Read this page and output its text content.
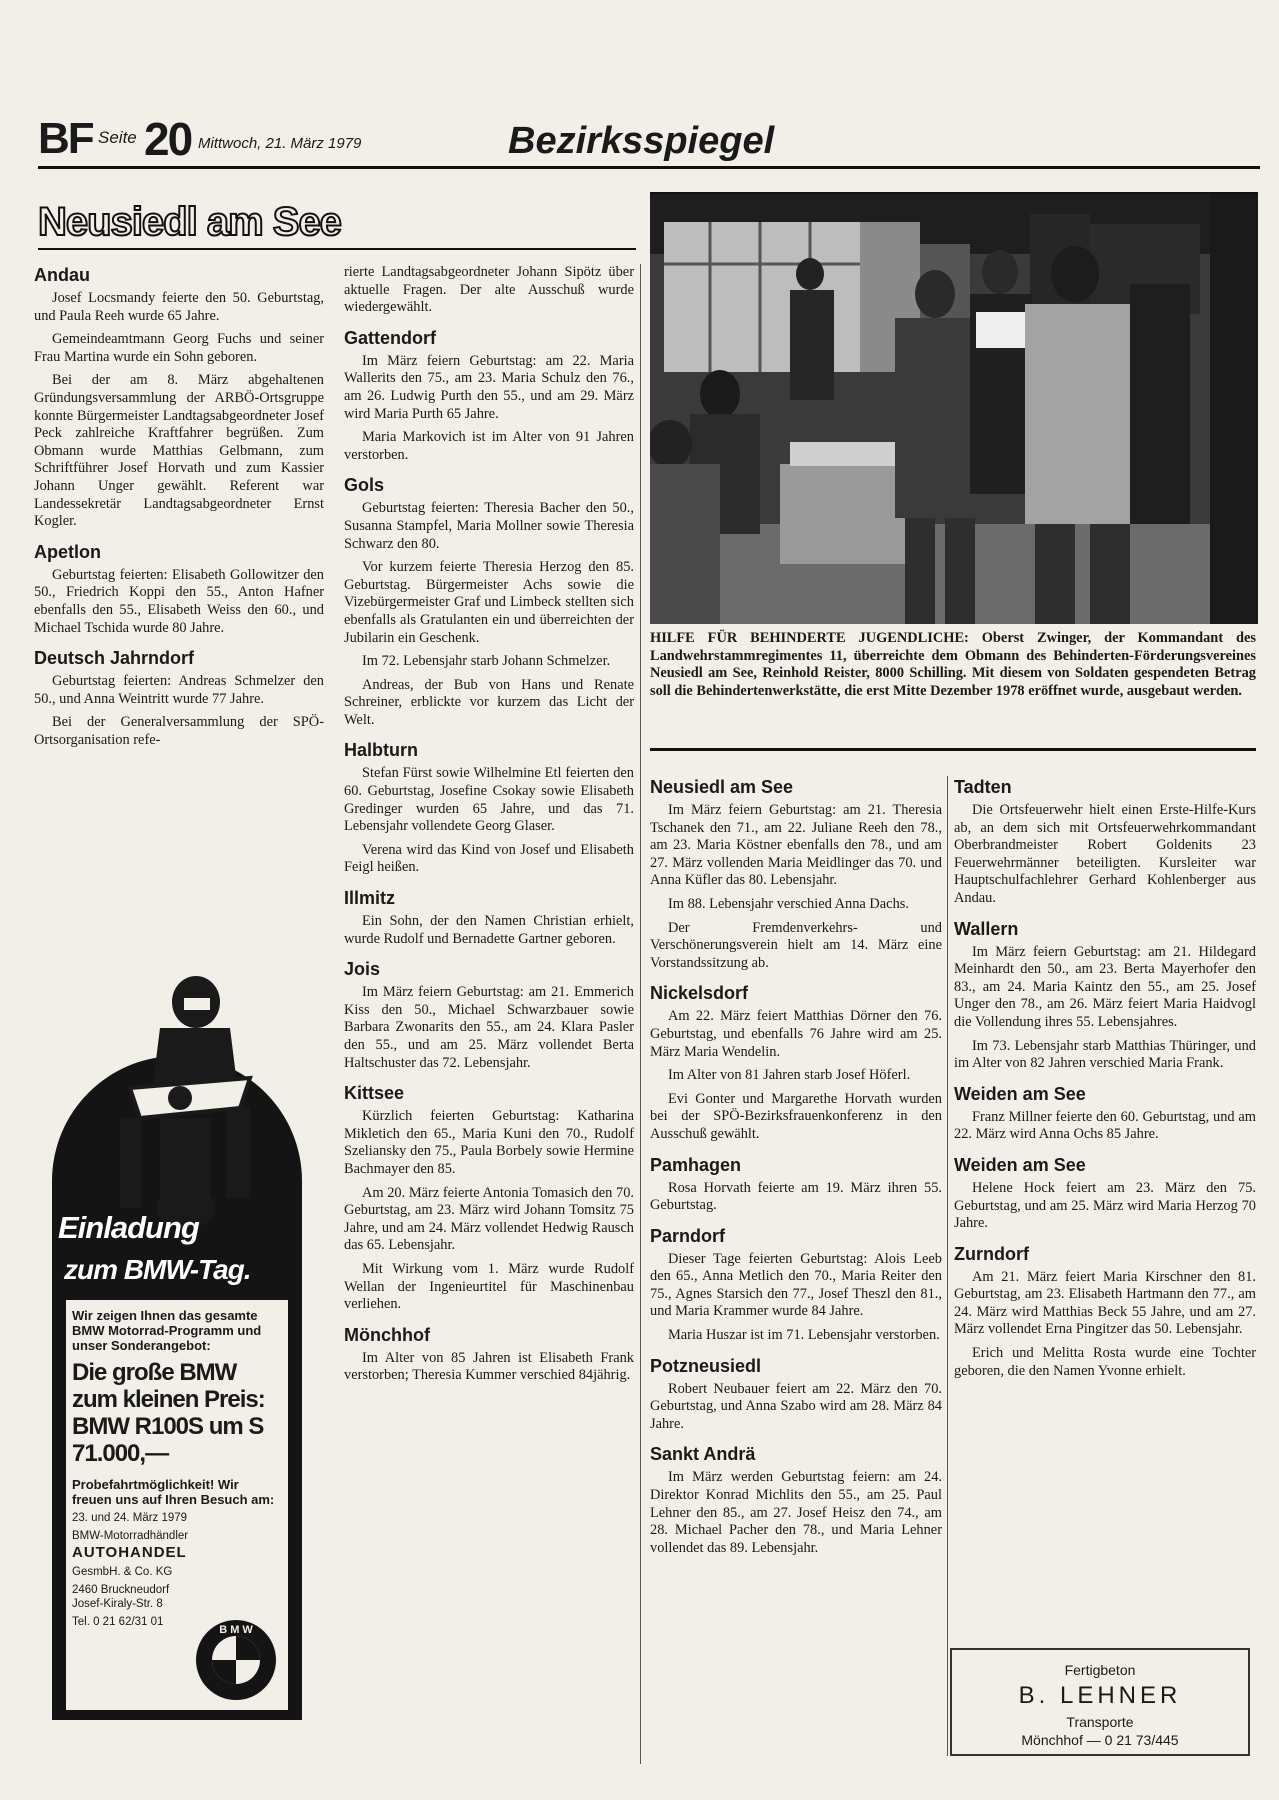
BF Seite 20 Mittwoch, 21. März 1979	Bezirksspiegel
Neusiedl am See
Andau

Josef Locsmandy feierte den 50. Geburtstag, und Paula Reeh wurde 65 Jahre.

Gemeindeamtmann Georg Fuchs und seiner Frau Martina wurde ein Sohn geboren.

Bei der am 8. März abgehaltenen Gründungsversammlung der ARBÖ-Ortsgruppe konnte Bürgermeister Landtagsabgeordneter Josef Peck zahlreiche Kraftfahrer begrüßen. Zum Obmann wurde Matthias Gelbmann, zum Schriftführer Josef Horvath und zum Kassier Johann Unger gewählt. Referent war Landessekretär Landtagsabgeordneter Ernst Kogler.

Apetlon

Geburtstag feierten: Elisabeth Gollowitzer den 50., Friedrich Koppi den 55., Anton Hafner ebenfalls den 55., Elisabeth Weiss den 60., und Michael Tschida wurde 80 Jahre.

Deutsch Jahrndorf

Geburtstag feierten: Andreas Schmelzer den 50., und Anna Weintritt wurde 77 Jahre.

Bei der Generalversammlung der SPÖ-Ortsorganisation refe-

rierte Landtagsabgeordneter Johann Sipötz über aktuelle Fragen. Der alte Ausschuß wurde wiedergewählt.

Gattendorf

Im März feiern Geburtstag: am 22. Maria Wallerits den 75., am 23. Maria Schulz den 76., am 26. Ludwig Purth den 55., und am 29. März wird Maria Purth 65 Jahre.

Maria Markovich ist im Alter von 91 Jahren verstorben.

Gols

Geburtstag feierten: Theresia Bacher den 50., Susanna Stampfel, Maria Mollner sowie Theresia Schwarz den 80.

Vor kurzem feierte Theresia Herzog den 85. Geburtstag. Bürgermeister Achs sowie die Vizebürgermeister Graf und Limbeck stellten sich ebenfalls als Gratulanten ein und überreichten der Jubilarin ein Geschenk.

Im 72. Lebensjahr starb Johann Schmelzer.

Andreas, der Bub von Hans und Renate Schreiner, erblickte vor kurzem das Licht der Welt.

Halbturn

Stefan Fürst sowie Wilhelmine Etl feierten den 60. Geburtstag, Josefine Csokay sowie Elisabeth Gredinger wurden 65 Jahre, und das 71. Lebensjahr vollendete Georg Glaser.

Verena wird das Kind von Josef und Elisabeth Feigl heißen.

Illmitz

Ein Sohn, der den Namen Christian erhielt, wurde Rudolf und Bernadette Gartner geboren.

Jois

Im März feiern Geburtstag: am 21. Emmerich Kiss den 50., Michael Schwarzbauer sowie Barbara Zwonarits den 55., am 24. Klara Pasler den 55., und am 25. März vollendet Berta Haltschuster das 72. Lebensjahr.

Kittsee

Kürzlich feierten Geburtstag: Katharina Mikletich den 65., Maria Kuni den 70., Rudolf Szeliansky den 75., Paula Borbely sowie Hermine Bachmayer den 85.

Am 20. März feierte Antonia Tomasich den 70. Geburtstag, am 23. März wird Johann Tomsitz 75 Jahre, und am 24. März vollendet Hedwig Rausch das 65. Lebensjahr.

Mit Wirkung vom 1. März wurde Rudolf Wellan der Ingenieurtitel für Maschinenbau verliehen.

Mönchhof

Im Alter von 85 Jahren ist Elisabeth Frank verstorben; Theresia Kummer verschied 84jährig.

Neusiedl am See

Im März feiern Geburtstag: am 21. Theresia Tschanek den 71., am 22. Juliane Reeh den 78., am 23. Maria Köstner ebenfalls den 78., und am 27. März vollenden Maria Meidlinger das 70. und Anna Küfler das 80. Lebensjahr.

Im 88. Lebensjahr verschied Anna Dachs.

Der Fremdenverkehrs- und Verschönerungsverein hielt am 14. März eine Vorstandssitzung ab.

Nickelsdorf

Am 22. März feiert Matthias Dörner den 76. Geburtstag, und ebenfalls 76 Jahre wird am 25. März Maria Wendelin.

Im Alter von 81 Jahren starb Josef Höferl.

Evi Gonter und Margarethe Horvath wurden bei der SPÖ-Bezirksfrauenkonferenz in den Ausschuß gewählt.

Pamhagen

Rosa Horvath feierte am 19. März ihren 55. Geburtstag.

Parndorf

Dieser Tage feierten Geburtstag: Alois Leeb den 65., Anna Metlich den 70., Maria Reiter den 75., Agnes Starsich den 77., Josef Theszl den 81., und Maria Krammer wurde 84 Jahre.

Maria Huszar ist im 71. Lebensjahr verstorben.

Potzneusiedl

Robert Neubauer feiert am 22. März den 70. Geburtstag, und Anna Szabo wird am 28. März 84 Jahre.

Sankt Andrä

Im März werden Geburtstag feiern: am 24. Direktor Konrad Michlits den 55., am 25. Paul Lehner den 85., am 27. Josef Heisz den 74., am 28. Michael Pacher den 78., und Maria Lehner vollendet das 89. Lebensjahr.

Tadten

Die Ortsfeuerwehr hielt einen Erste-Hilfe-Kurs ab, an dem sich mit Ortsfeuerwehrkommandant Oberbrandmeister Robert Goldenits 23 Feuerwehrmänner beteiligten. Kursleiter war Hauptschulfachlehrer Gerhard Kohlenberger aus Andau.

Wallern

Im März feiern Geburtstag: am 21. Hildegard Meinhardt den 50., am 23. Berta Mayerhofer den 83., am 24. Maria Kaintz den 55., am 25. Josef Unger den 78., am 26. März feiert Maria Haidvogl die Vollendung ihres 55. Lebensjahres.

Im 73. Lebensjahr starb Matthias Thüringer, und im Alter von 82 Jahren verschied Maria Frank.

Weiden am See

Franz Millner feierte den 60. Geburtstag, und am 22. März wird Anna Ochs 85 Jahre.

Weiden am See

Helene Hock feiert am 23. März den 75. Geburtstag, und am 25. März wird Maria Herzog 70 Jahre.

Zurndorf

Am 21. März feiert Maria Kirschner den 81. Geburtstag, am 23. Elisabeth Hartmann den 77., am 24. März wird Matthias Beck 55 Jahre, und am 27. März vollendet Erna Pingitzer das 50. Lebensjahr.

Erich und Melitta Rosta wurde eine Tochter geboren, die den Namen Yvonne erhielt.

HILFE FÜR BEHINDERTE JUGENDLICHE: Oberst Zwinger, der Kommandant des Landwehrstammregimentes 11, überreichte dem Obmann des Behinderten-Förderungsvereines Neusiedl am See, Reinhold Reister, 8000 Schilling. Mit diesem von Soldaten gespendeten Betrag soll die Behindertenwerkstätte, die erst Mitte Dezember 1978 eröffnet wurde, ausgebaut werden.
Einladung
zum BMW-Tag.
Wir zeigen Ihnen das gesamte BMW Motorrad-Programm und unser Sonderangebot:
Die große BMW zum kleinen Preis: BMW R100S um S 71.000,—
Probefahrtmöglichkeit! Wir freuen uns auf Ihren Besuch am:
23. und 24. März 1979
BMW-Motorradhändler
AUTOHANDEL
GesmbH. & Co. KG
2460 Bruckneudorf Josef-Kiraly-Str. 8
Tel. 0 21 62/31 01
B M W
Fertigbeton
B. LEHNER
Transporte
Mönchhof — 0 21 73/445
